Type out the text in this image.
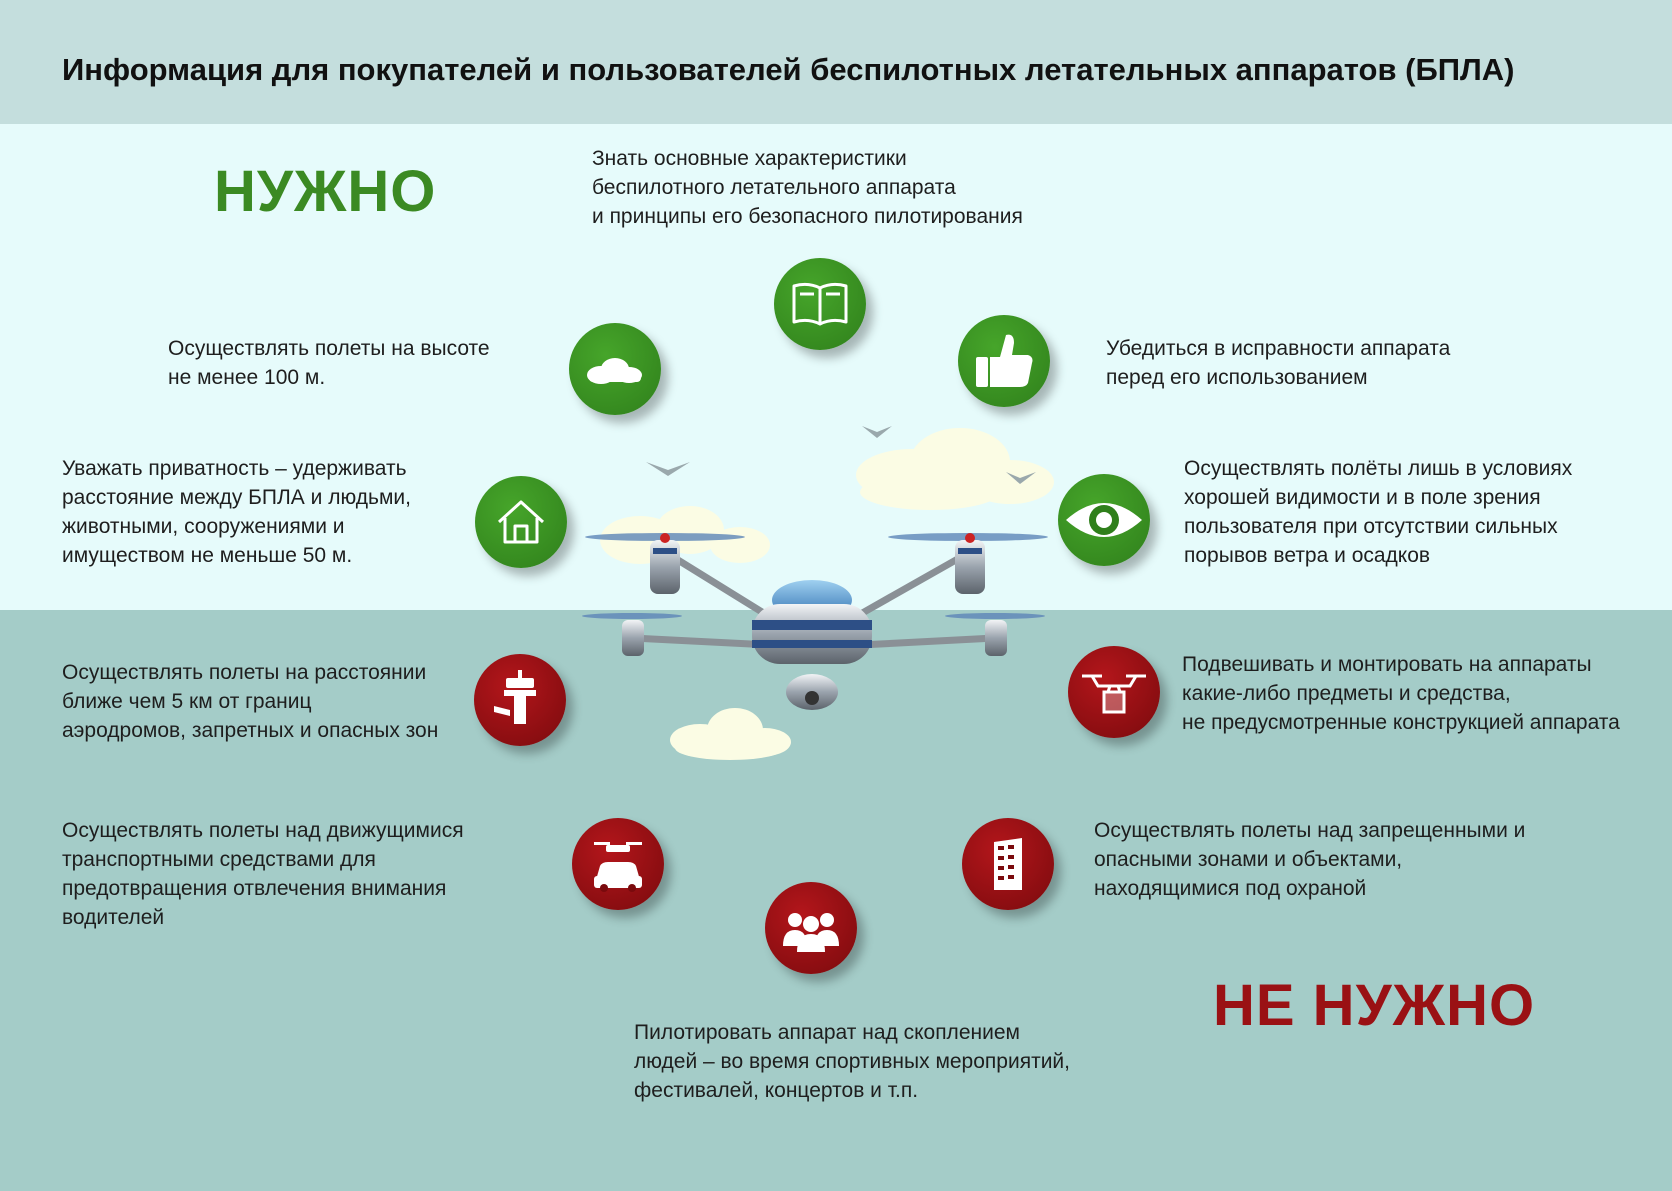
Информация для покупателей и пользователей беспилотных летательных аппаратов (БПЛА)
НУЖНО
НЕ НУЖНО
Знать основные характеристики
беспилотного летательного аппарата
и принципы его безопасного пилотирования
Осуществлять полеты на высоте
не менее 100 м.
Убедиться в исправности аппарата
перед его использованием
Уважать приватность – удерживать
расстояние между БПЛА и людьми,
животными, сооружениями и
имуществом не меньше 50 м.
Осуществлять полёты лишь в условиях
хорошей видимости и в поле зрения
пользователя при отсутствии сильных
порывов ветра и осадков
Осуществлять полеты на расстоянии
ближе чем 5 км от границ
аэродромов, запретных и опасных зон
Подвешивать и монтировать на аппараты
какие-либо предметы и средства,
не предусмотренные конструкцией аппарата
Осуществлять полеты над движущимися
транспортными средствами для
предотвращения отвлечения внимания
водителей
Осуществлять полеты над запрещенными и
опасными зонами и объектами,
находящимися под охраной
Пилотировать аппарат над скоплением
людей – во время спортивных мероприятий,
фестивалей, концертов и т.п.
